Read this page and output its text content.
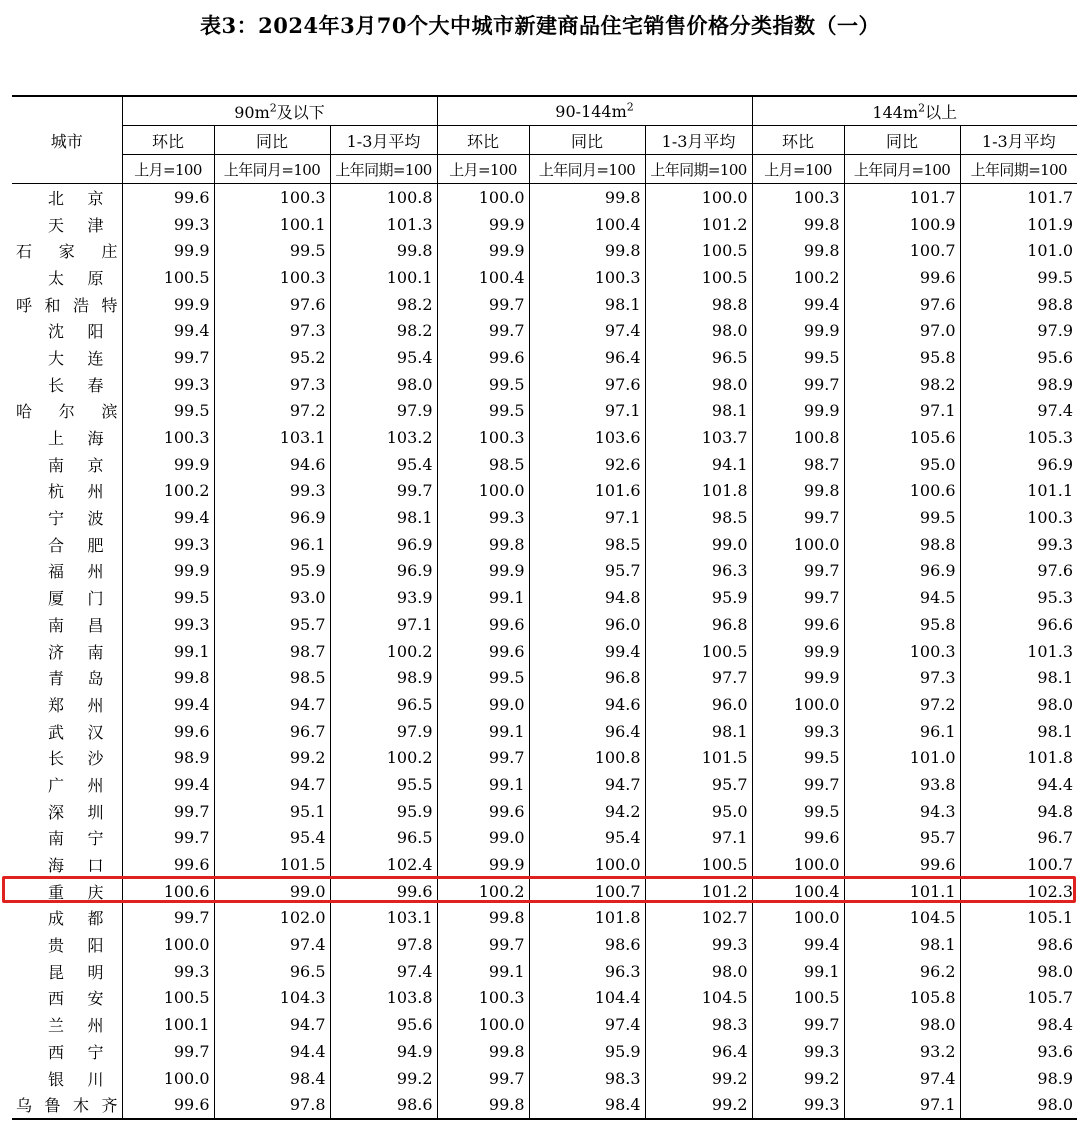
表3：2024年3月70个大中城市新建商品住宅销售价格分类指数（一）
城市	$90m^2$及以下			$90-144m^2$			$144m^2$以上		
	环比	同比	1-3月平均	环比	同比	1-3月平均	环比	同比	1-3月平均
	上月=100	上年同月=100	上年同期=100	上月=100	上年同月=100	上年同期=100	上月=100	上年同月=100	上年同期=100
北京	99.6	100.3	100.8	100.0	99.8	100.0	100.3	101.7	101.7
天津	99.3	100.1	101.3	99.9	100.4	101.2	99.8	100.9	101.9
石家庄	99.9	99.5	99.8	99.9	99.8	100.5	99.8	100.7	101.0
太原	100.5	100.3	100.1	100.4	100.3	100.5	100.2	99.6	99.5
呼和浩特	99.9	97.6	98.2	99.7	98.1	98.8	99.4	97.6	98.8
沈阳	99.4	97.3	98.2	99.7	97.4	98.0	99.9	97.0	97.9
大连	99.7	95.2	95.4	99.6	96.4	96.5	99.5	95.8	95.6
长春	99.3	97.3	98.0	99.5	97.6	98.0	99.7	98.2	98.9
哈尔滨	99.5	97.2	97.9	99.5	97.1	98.1	99.9	97.1	97.4
上海	100.3	103.1	103.2	100.3	103.6	103.7	100.8	105.6	105.3
南京	99.9	94.6	95.4	98.5	92.6	94.1	98.7	95.0	96.9
杭州	100.2	99.3	99.7	100.0	101.6	101.8	99.8	100.6	101.1
宁波	99.4	96.9	98.1	99.3	97.1	98.5	99.7	99.5	100.3
合肥	99.3	96.1	96.9	99.8	98.5	99.0	100.0	98.8	99.3
福州	99.9	95.9	96.9	99.9	95.7	96.3	99.7	96.9	97.6
厦门	99.5	93.0	93.9	99.1	94.8	95.9	99.7	94.5	95.3
南昌	99.3	95.7	97.1	99.6	96.0	96.8	99.6	95.8	96.6
济南	99.1	98.7	100.2	99.6	99.4	100.5	99.9	100.3	101.3
青岛	99.8	98.5	98.9	99.5	96.8	97.7	99.9	97.3	98.1
郑州	99.4	94.7	96.5	99.0	94.6	96.0	100.0	97.2	98.0
武汉	99.6	96.7	97.9	99.1	96.4	98.1	99.3	96.1	98.1
长沙	98.9	99.2	100.2	99.7	100.8	101.5	99.5	101.0	101.8
广州	99.4	94.7	95.5	99.1	94.7	95.7	99.7	93.8	94.4
深圳	99.7	95.1	95.9	99.6	94.2	95.0	99.5	94.3	94.8
南宁	99.7	95.4	96.5	99.0	95.4	97.1	99.6	95.7	96.7
海口	99.6	101.5	102.4	99.9	100.0	100.5	100.0	99.6	100.7
重庆	100.6	99.0	99.6	100.2	100.7	101.2	100.4	101.1	102.3
成都	99.7	102.0	103.1	99.8	101.8	102.7	100.0	104.5	105.1
贵阳	100.0	97.4	97.8	99.7	98.6	99.3	99.4	98.1	98.6
昆明	99.3	96.5	97.4	99.1	96.3	98.0	99.1	96.2	98.0
西安	100.5	104.3	103.8	100.3	104.4	104.5	100.5	105.8	105.7
兰州	100.1	94.7	95.6	100.0	97.4	98.3	99.7	98.0	98.4
西宁	99.7	94.4	94.9	99.8	95.9	96.4	99.3	93.2	93.6
银川	100.0	98.4	99.2	99.7	98.3	99.2	99.2	97.4	98.9
乌鲁木齐	99.6	97.8	98.6	99.8	98.4	99.2	99.3	97.1	98.0
